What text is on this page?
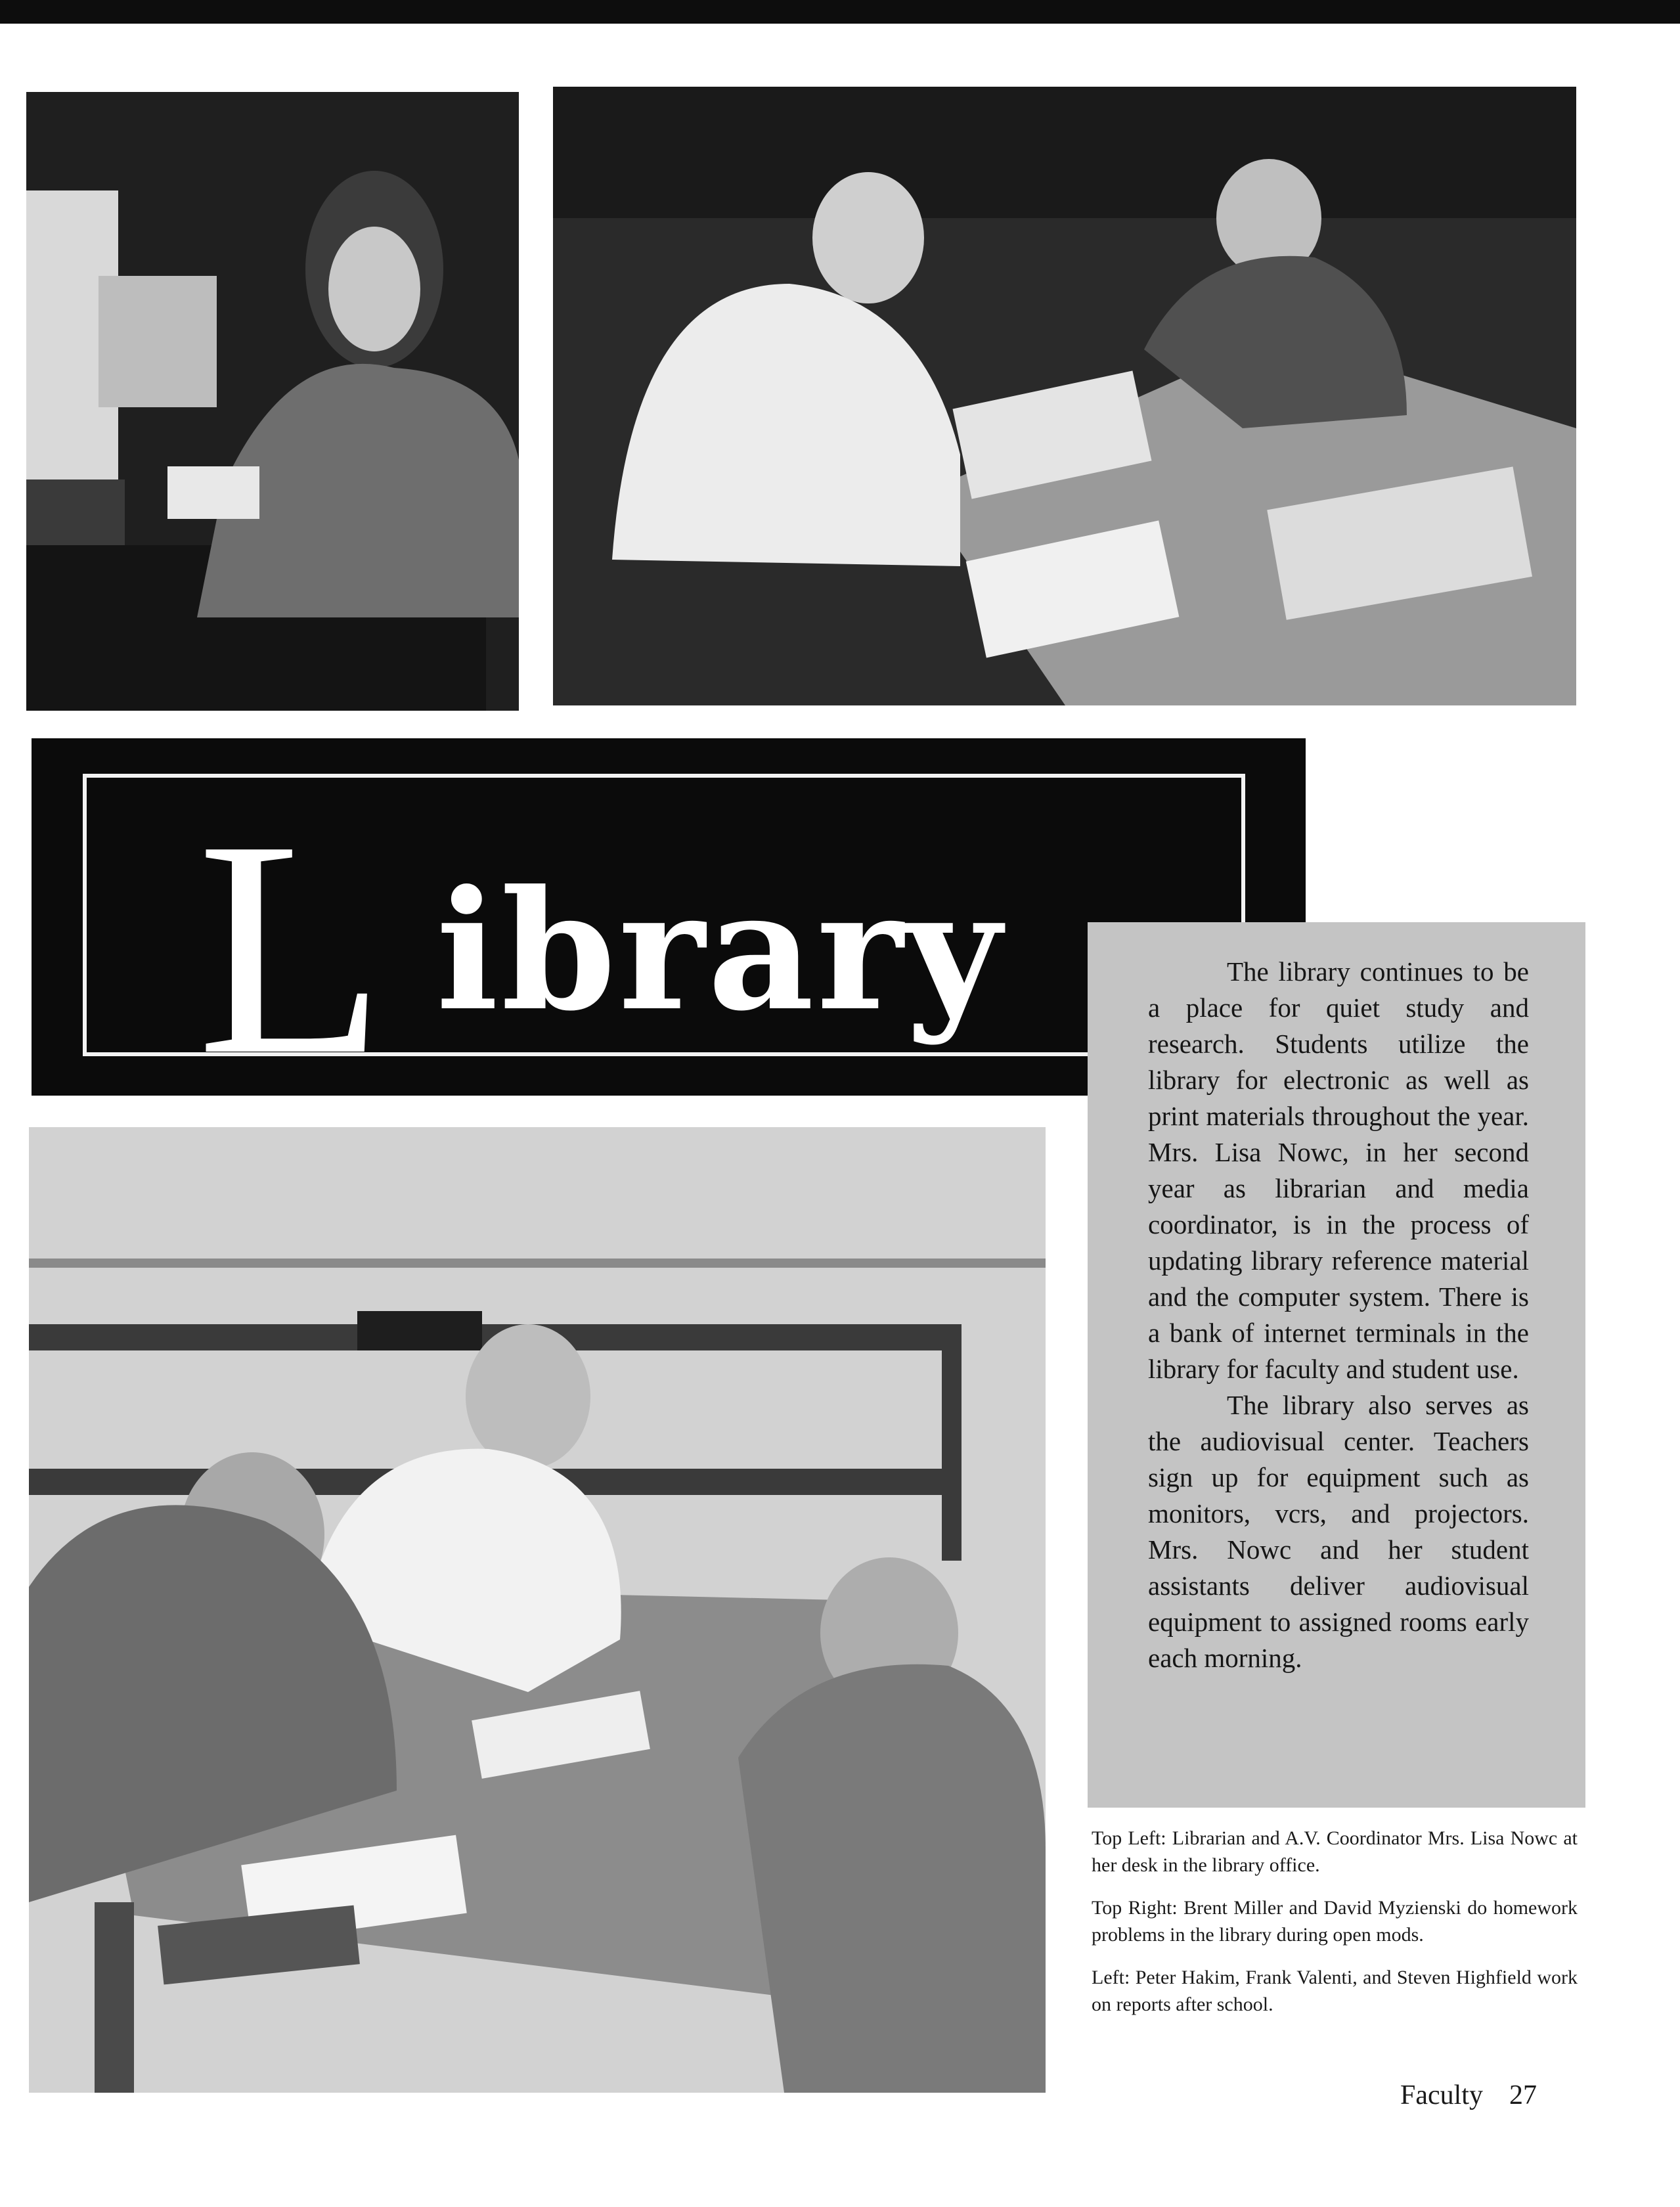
L ibrary	The library continues to be a place for quiet study and research. Students utilize the library for electronic as well as print materials throughout the year. Mrs. Lisa Nowc, in her second year as librarian and media coordinator, is in the process of updating library reference material and the computer system. There is a bank of internet terminals in the library for faculty and student use.

The library also serves as the audiovisual center. Teachers sign up for equipment such as monitors, vcrs, and projectors. Mrs. Nowc and her student assistants deliver audiovisual equipment to assigned rooms early each morning.

Top Left: Librarian and A.V. Coordinator Mrs. Lisa Nowc at her desk in the library office.
Top Right: Brent Miller and David Myzienski do homework problems in the library during open mods.
Left: Peter Hakim, Frank Valenti, and Steven Highfield work on reports after school.
Faculty 27
